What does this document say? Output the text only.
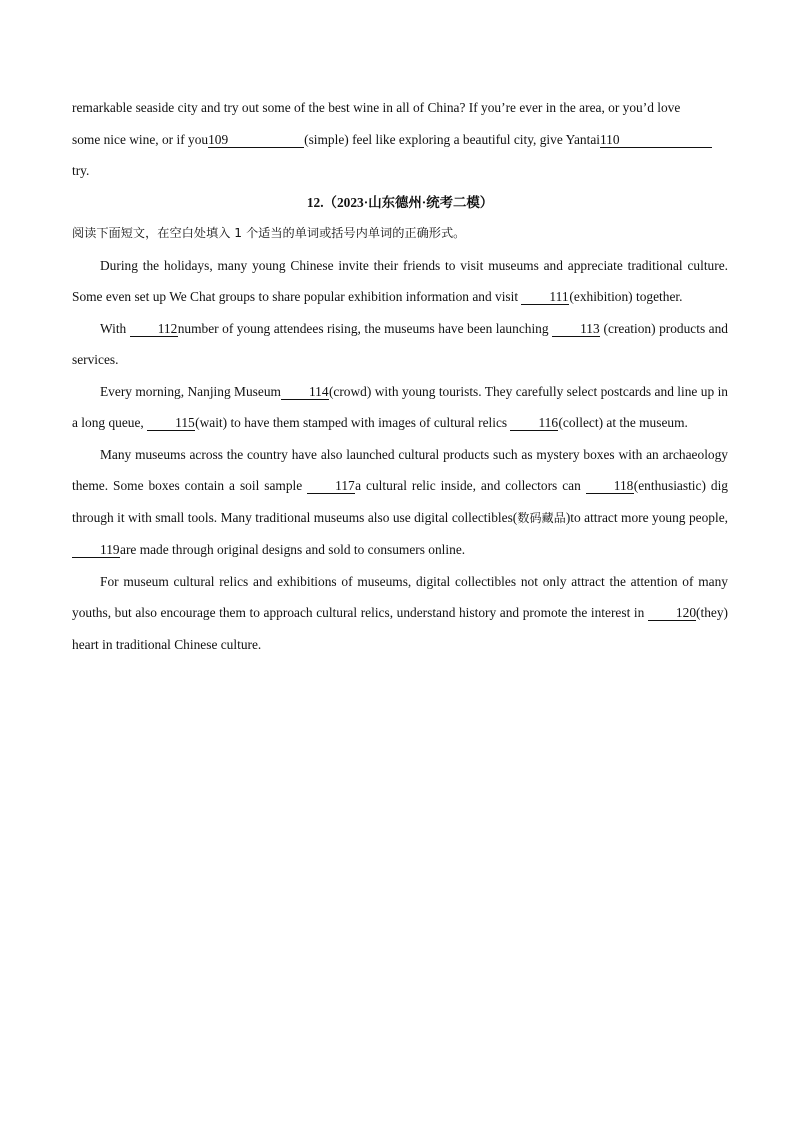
remarkable seaside city and try out some of the best wine in all of China? If you’re ever in the area, or you’d love
some nice wine, or if you109	(simple) feel like exploring a beautiful city, give Yantai110
try.

12.（2023·山东德州·统考二模）

阅读下面短文，在空白处填入 1 个适当的单词或括号内单词的正确形式。

During the holidays, many young Chinese invite their friends to visit museums and appreciate traditional culture. Some even set up We Chat groups to share popular exhibition information and visit 111(exhibition) together.

With 112number of young attendees rising, the museums have been launching 113 (creation) products and services.

Every morning, Nanjing Museum 114(crowd) with young tourists. They carefully select postcards and line up in a long queue, 115(wait) to have them stamped with images of cultural relics 116(collect) at the museum.

Many museums across the country have also launched cultural products such as mystery boxes with an archaeology theme. Some boxes contain a soil sample 117a cultural relic inside, and collectors can 118(enthusiastic) dig through it with small tools. Many traditional museums also use digital collectibles(数码藏品)to attract more young people, 119are made through original designs and sold to consumers online.

For museum cultural relics and exhibitions of museums, digital collectibles not only attract the attention of many youths, but also encourage them to approach cultural relics, understand history and promote the interest in 120(they) heart in traditional Chinese culture.
